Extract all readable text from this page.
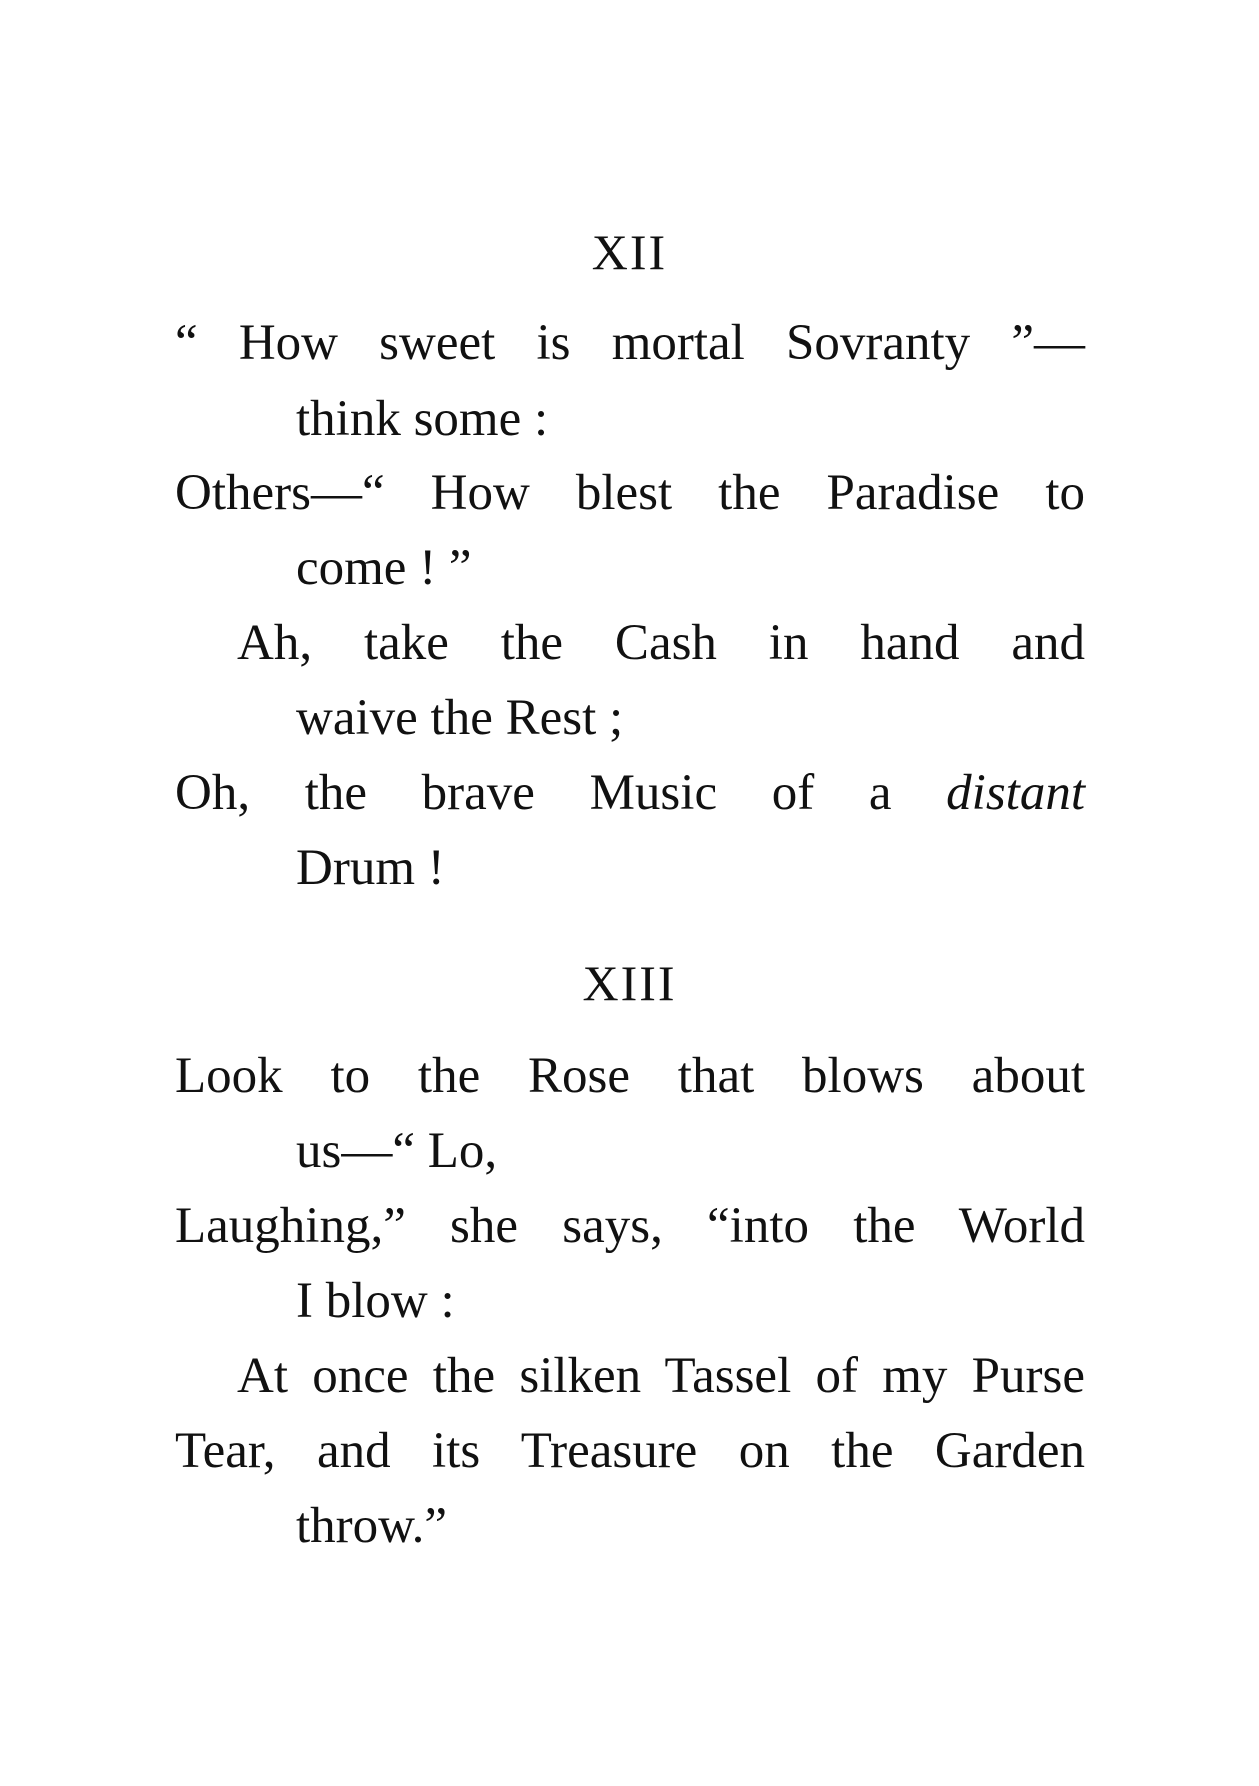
XII
“ How sweet is mortal Sovranty ”—
think some :
Others—“ How blest the Paradise to
come ! ”
Ah, take the Cash in hand and
waive the Rest ;
Oh, the brave Music of a distant
Drum !
XIII
Look to the Rose that blows about
us—“ Lo,
Laughing,” she says, “into the World
I blow :
At once the silken Tassel of my Purse
Tear, and its Treasure on the Garden
throw.”
